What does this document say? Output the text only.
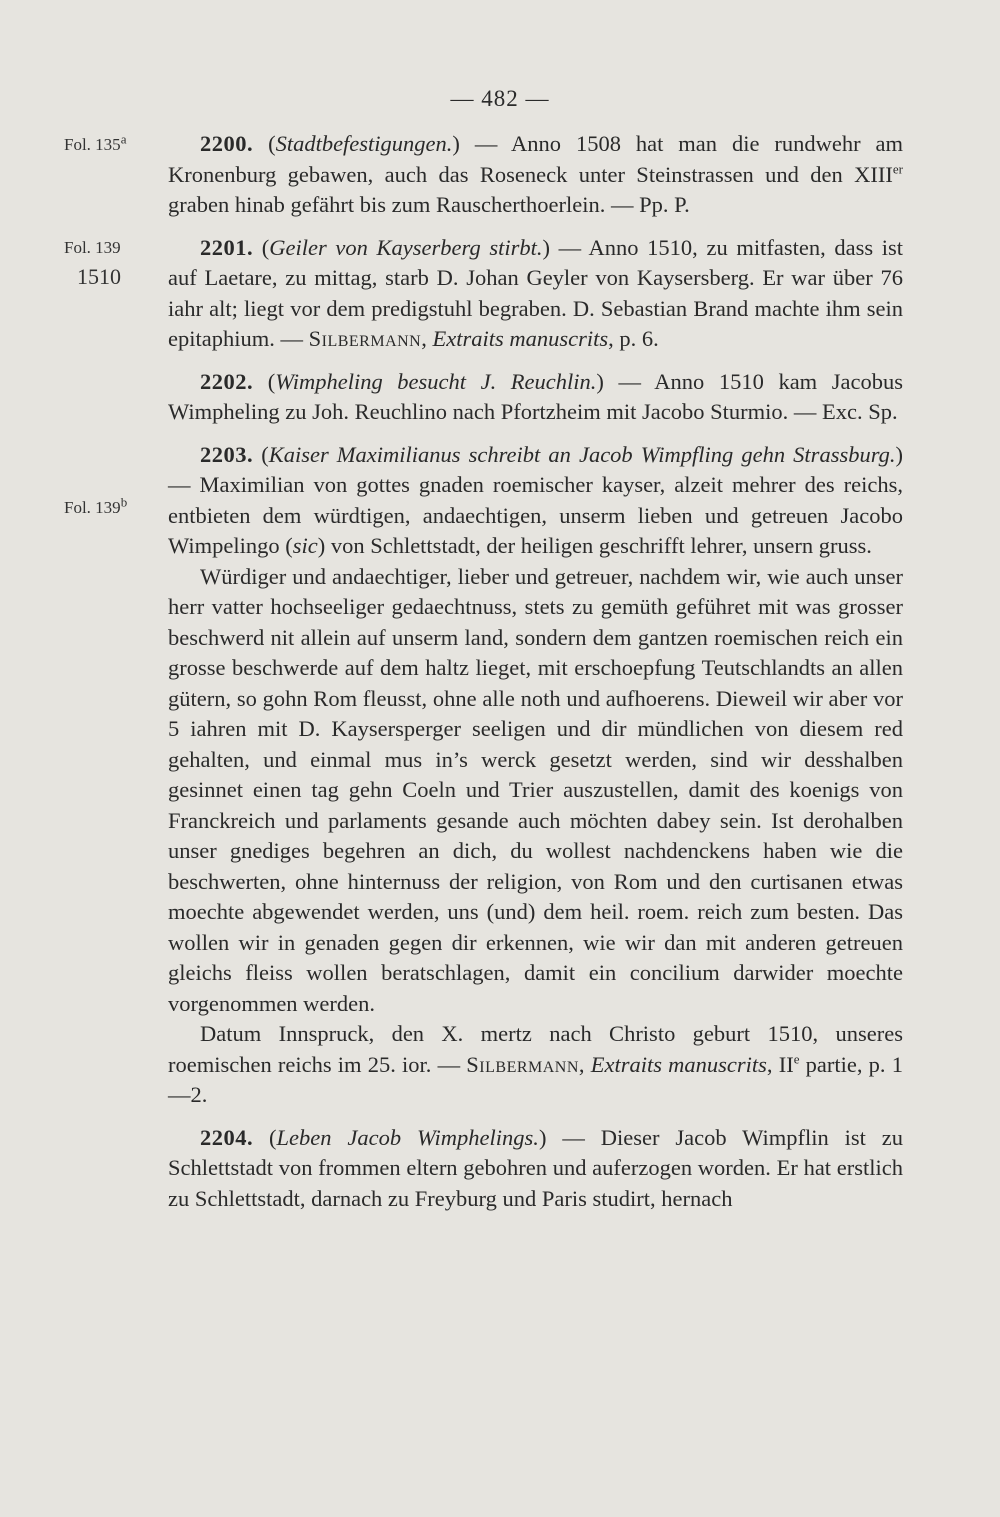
— 482 —
Fol. 135$^a$
Fol. 139
1510
Fol. 139$^b$

2200. (Stadtbefestigungen.) — Anno 1508 hat man die rundwehr am Kronenburg gebawen, auch das Roseneck unter Steinstrassen und den XIIIer graben hinab gefährt bis zum Rauscherthoerlein. — Pp. P.

2201. (Geiler von Kayserberg stirbt.) — Anno 1510, zu mitfasten, dass ist auf Laetare, zu mittag, starb D. Johan Geyler von Kaysersberg. Er war über 76 iahr alt; liegt vor dem predigstuhl begraben. D. Sebastian Brand machte ihm sein epitaphium. — Silbermann, Extraits manuscrits, p. 6.

2202. (Wimpheling besucht J. Reuchlin.) — Anno 1510 kam Jacobus Wimpheling zu Joh. Reuchlino nach Pfortzheim mit Jacobo Sturmio. — Exc. Sp.

2203. (Kaiser Maximilianus schreibt an Jacob Wimpfling gehn Strassburg.) — Maximilian von gottes gnaden roemischer kayser, alzeit mehrer des reichs, entbieten dem würdtigen, andaechtigen, unserm lieben und getreuen Jacobo Wimpelingo (sic) von Schlettstadt, der heiligen geschrifft lehrer, unsern gruss.

Würdiger und andaechtiger, lieber und getreuer, nachdem wir, wie auch unser herr vatter hochseeliger gedaechtnuss, stets zu gemüth geführet mit was grosser beschwerd nit allein auf unserm land, sondern dem gantzen roemischen reich ein grosse beschwerde auf dem haltz lieget, mit erschoepfung Teutschlandts an allen gütern, so gohn Rom fleusst, ohne alle noth und aufhoerens. Dieweil wir aber vor 5 iahren mit D. Kaysersperger seeligen und dir mündlichen von diesem red gehalten, und einmal mus in’s werck gesetzt werden, sind wir desshalben gesinnet einen tag gehn Coeln und Trier auszustellen, damit des koenigs von Franckreich und parlaments gesande auch möchten dabey sein. Ist derohalben unser gnediges begehren an dich, du wollest nachdenckens haben wie die beschwerten, ohne hinternuss der religion, von Rom und den curtisanen etwas moechte abgewendet werden, uns (und) dem heil. roem. reich zum besten. Das wollen wir in genaden gegen dir erkennen, wie wir dan mit anderen getreuen gleichs fleiss wollen beratschlagen, damit ein concilium darwider moechte vorgenommen werden.

Datum Innspruck, den X. mertz nach Christo geburt 1510, unseres roemischen reichs im 25. ior. — Silbermann, Extraits manuscrits, IIe partie, p. 1—2.

2204. (Leben Jacob Wimphelings.) — Dieser Jacob Wimpflin ist zu Schlettstadt von frommen eltern gebohren und auferzogen worden. Er hat erstlich zu Schlettstadt, darnach zu Freyburg und Paris studirt, hernach
